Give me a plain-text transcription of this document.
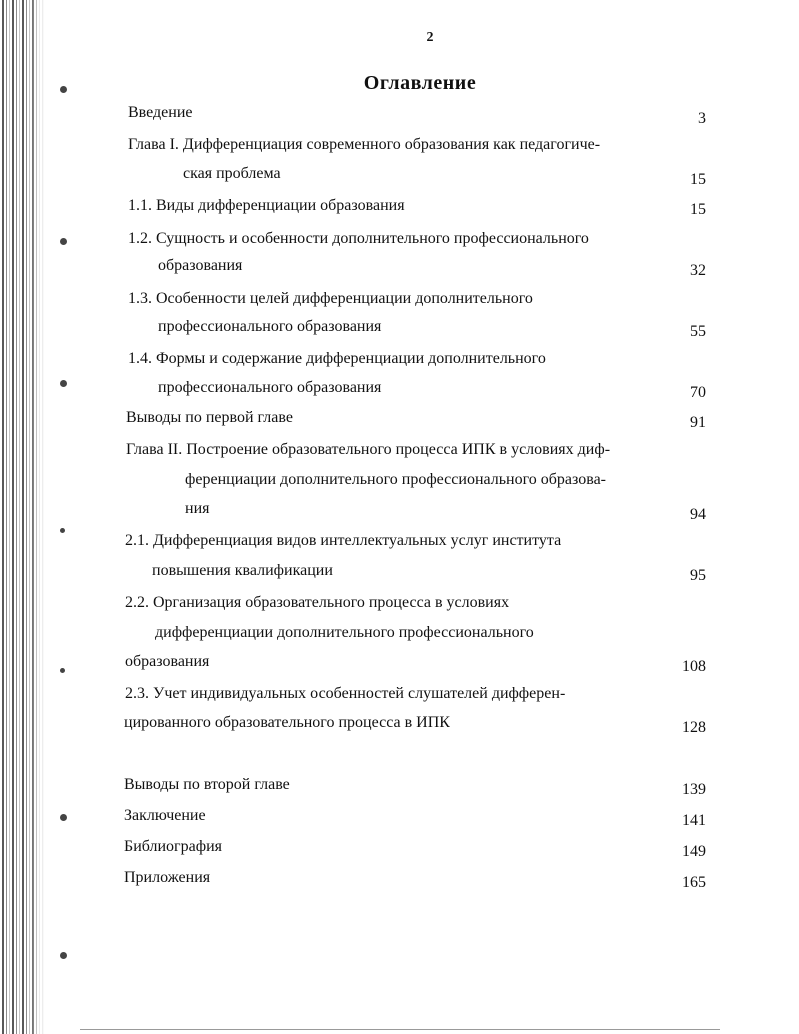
2
Оглавление
Введение	3
Глава I. Дифференциация современного образования как педагогиче-
ская проблема	15
1.1. Виды дифференциации образования	15
1.2. Сущность и особенности дополнительного профессионального
образования	32
1.3. Особенности целей дифференциации дополнительного
профессионального образования	55
1.4. Формы и содержание дифференциации дополнительного
профессионального образования	70
Выводы по первой главе	91
Глава II. Построение образовательного процесса ИПК в условиях диф-
ференциации дополнительного профессионального образова-
ния	94
2.1. Дифференциация видов интеллектуальных услуг института
повышения квалификации	95
2.2. Организация образовательного процесса в условиях
дифференциации дополнительного профессионального
образования	108
2.3. Учет индивидуальных особенностей слушателей дифферен-
цированного образовательного процесса в ИПК	128
Выводы по второй главе	139
Заключение	141
Библиография	149
Приложения	165
